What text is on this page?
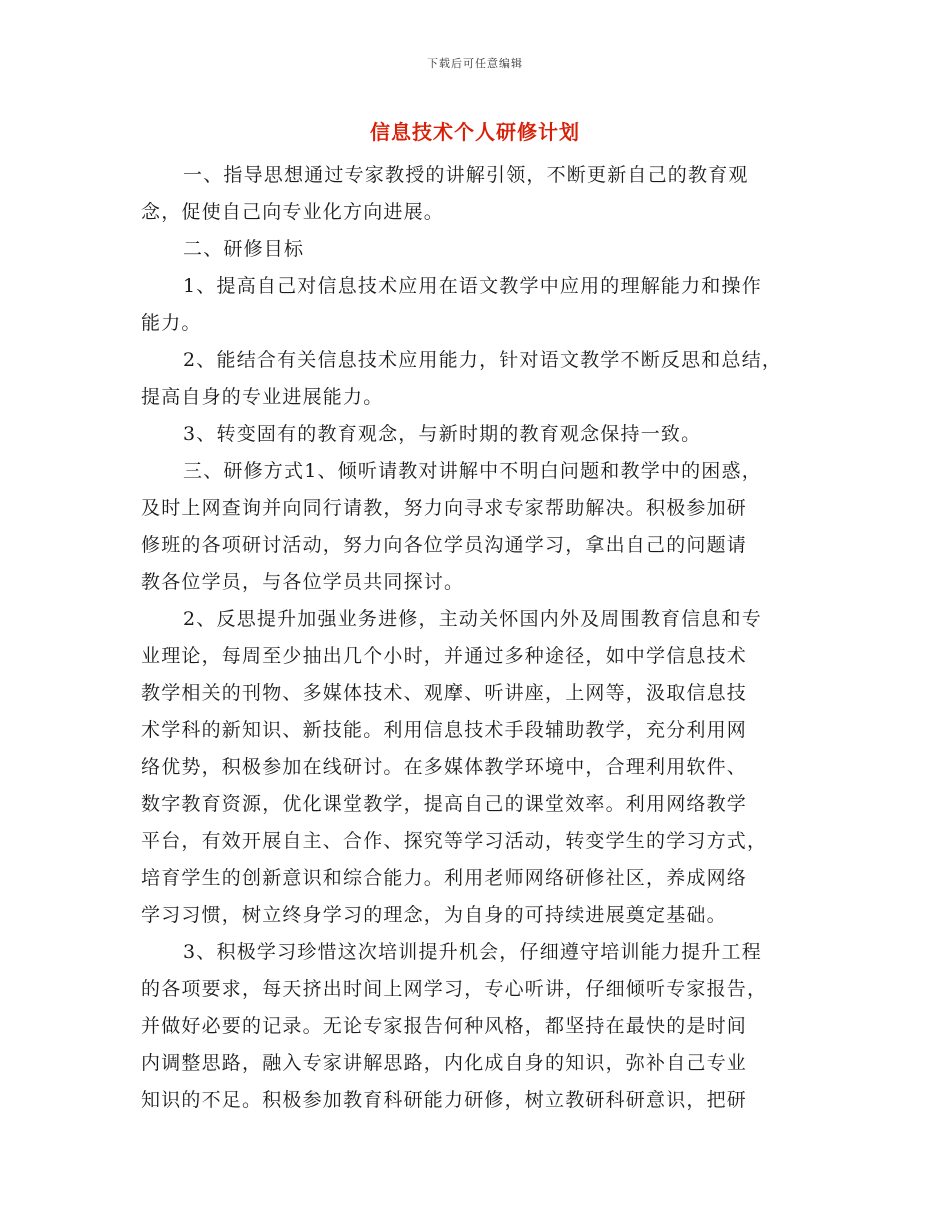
下载后可任意编辑
信息技术个人研修计划
一、指导思想通过专家教授的讲解引领，不断更新自己的教育观
念，促使自己向专业化方向进展。
二、研修目标
1、提高自己对信息技术应用在语文教学中应用的理解能力和操作
能力。
2、能结合有关信息技术应用能力，针对语文教学不断反思和总结，
提高自身的专业进展能力。
3、转变固有的教育观念，与新时期的教育观念保持一致。
三、研修方式1、倾听请教对讲解中不明白问题和教学中的困惑，
及时上网查询并向同行请教，努力向寻求专家帮助解决。积极参加研
修班的各项研讨活动，努力向各位学员沟通学习，拿出自己的问题请
教各位学员，与各位学员共同探讨。
2、反思提升加强业务进修，主动关怀国内外及周围教育信息和专
业理论，每周至少抽出几个小时，并通过多种途径，如中学信息技术
教学相关的刊物、多媒体技术、观摩、听讲座，上网等，汲取信息技
术学科的新知识、新技能。利用信息技术手段辅助教学，充分利用网
络优势，积极参加在线研讨。在多媒体教学环境中，合理利用软件、
数字教育资源，优化课堂教学，提高自己的课堂效率。利用网络教学
平台，有效开展自主、合作、探究等学习活动，转变学生的学习方式，
培育学生的创新意识和综合能力。利用老师网络研修社区，养成网络
学习习惯，树立终身学习的理念，为自身的可持续进展奠定基础。
3、积极学习珍惜这次培训提升机会，仔细遵守培训能力提升工程
的各项要求，每天挤出时间上网学习，专心听讲，仔细倾听专家报告，
并做好必要的记录。无论专家报告何种风格，都坚持在最快的是时间
内调整思路，融入专家讲解思路，内化成自身的知识，弥补自己专业
知识的不足。积极参加教育科研能力研修，树立教研科研意识，把研
